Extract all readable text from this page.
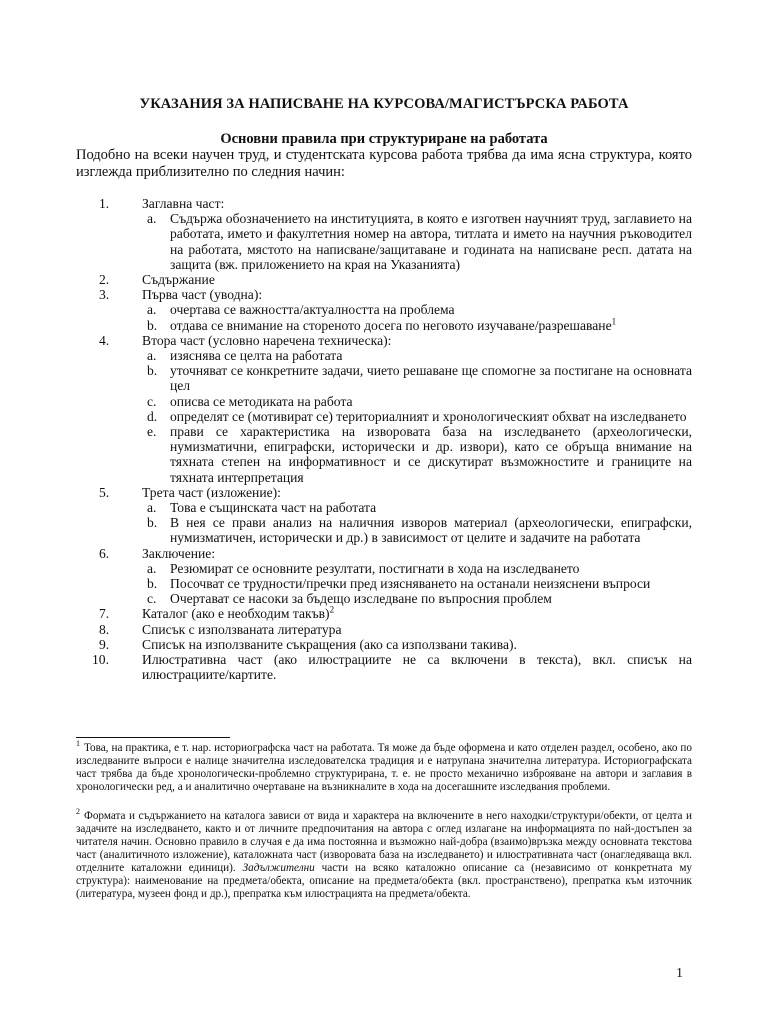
УКАЗАНИЯ ЗА НАПИСВАНЕ НА КУРСОВА/МАГИСТЪРСКА РАБОТА
Основни правила при структуриране на работата
Подобно на всеки научен труд, и студентската курсова работа трябва да има ясна структура, която изглежда приблизително по следния начин:
1. Заглавна част:
a. Съдържа обозначението на институцията, в която е изготвен научният труд, заглавието на работата, името и факултетния номер на автора, титлата и името на научния ръководител на работата, мястото на написване/защитаване и годината на написване респ. датата на защита (вж. приложението на края на Указанията)
2. Съдържание
3. Първа част (уводна):
a. очертава се важността/актуалността на проблема
b. отдава се внимание на стореното досега по неговото изучаване/разрешаване$^1$
4. Втора част (условно наречена техническа):
a. изяснява се целта на работата
b. уточняват се конкретните задачи, чието решаване ще спомогне за постигане на основната цел
c. описва се методиката на работа
d. определят се (мотивират се) териториалният и хронологическият обхват на изследването
e. прави се характеристика на изворовата база на изследването (археологически, нумизматични, епиграфски, исторически и др. извори), като се обръща внимание на тяхната степен на информативност и се дискутират възможностите и границите на тяхната интерпретация
5. Трета част (изложение):
a. Това е същинската част на работата
b. В нея се прави анализ на наличния изворов материал (археологически, епиграфски, нумизматичен, исторически и др.) в зависимост от целите и задачите на работата
6. Заключение:
a. Резюмират се основните резултати, постигнати в хода на изследването
b. Посочват се трудности/пречки пред изясняването на останали неизяснени въпроси
c. Очертават се насоки за бъдещо изследване по въпросния проблем
7. Каталог (ако е необходим такъв)$^2$
8. Списък с използваната литература
9. Списък на използваните съкращения (ако са използвани такива).
10. Илюстративна част (ако илюстрациите не са включени в текста), вкл. списък на илюстрациите/картите.
$^1$ Това, на практика, е т. нар. историографска част на работата. Тя може да бъде оформена и като отделен раздел, особено, ако по изследваните въпроси е налице значителна изследователска традиция и е натрупана значителна литература. Историографската част трябва да бъде хронологически-проблемно структурирана, т. е. не просто механично изброяване на автори и заглавия в хронологически ред, а и аналитично очертаване на възникналите в хода на досегашните изследвания проблеми.
$^2$ Формата и съдържанието на каталога зависи от вида и характера на включените в него находки/структури/обекти, от целта и задачите на изследването, както и от личните предпочитания на автора с оглед излагане на информацията по най-достъпен за читателя начин. Основно правило в случая е да има постоянна и възможно най-добра (взаимо)връзка между основната текстова част (аналитичното изложение), каталожната част (изворовата база на изследването) и илюстративната част (онагледяваща вкл. отделните каталожни единици). Задължителни части на всяко каталожно описание са (независимо от конкретната му структура): наименование на предмета/обекта, описание на предмета/обекта (вкл. пространствено), препратка към източник (литература, музеен фонд и др.), препратка към илюстрацията на предмета/обекта.
1
